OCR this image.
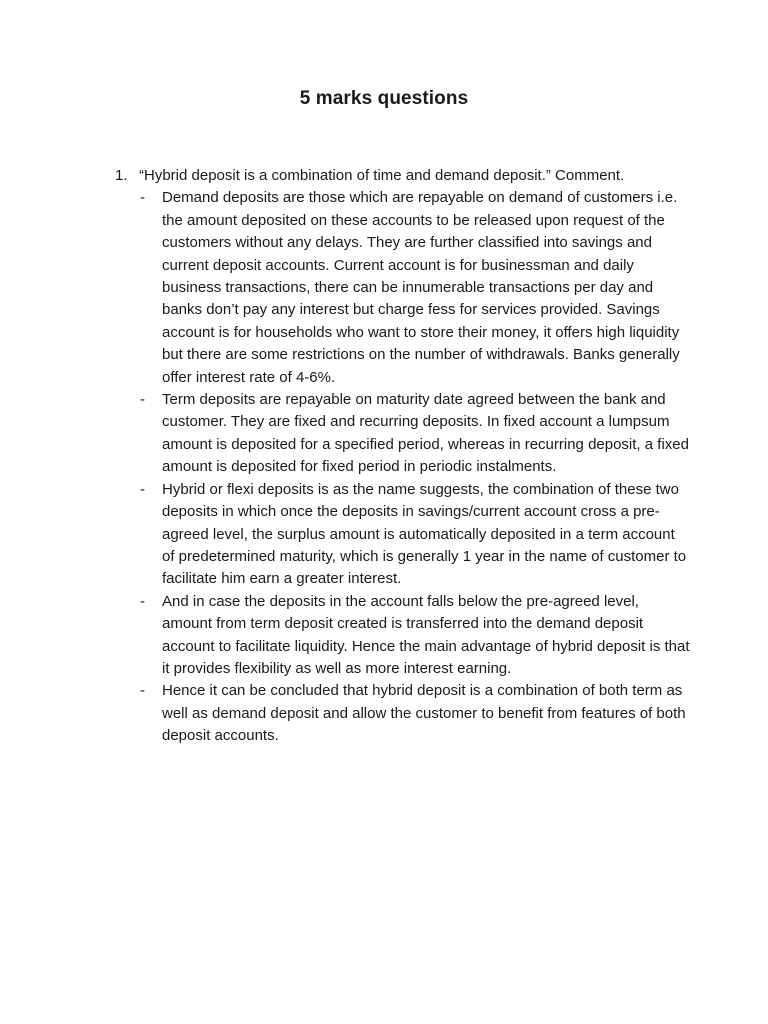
5 marks questions
1. “Hybrid deposit is a combination of time and demand deposit.” Comment.
- Demand deposits are those which are repayable on demand of customers i.e. the amount deposited on these accounts to be released upon request of the customers without any delays. They are further classified into savings and current deposit accounts. Current account is for businessman and daily business transactions, there can be innumerable transactions per day and banks don’t pay any interest but charge fess for services provided. Savings account is for households who want to store their money, it offers high liquidity but there are some restrictions on the number of withdrawals. Banks generally offer interest rate of 4-6%.
- Term deposits are repayable on maturity date agreed between the bank and customer. They are fixed and recurring deposits. In fixed account a lumpsum amount is deposited for a specified period, whereas in recurring deposit, a fixed amount is deposited for fixed period in periodic instalments.
- Hybrid or flexi deposits is as the name suggests, the combination of these two deposits in which once the deposits in savings/current account cross a pre-agreed level, the surplus amount is automatically deposited in a term account of predetermined maturity, which is generally 1 year in the name of customer to facilitate him earn a greater interest.
- And in case the deposits in the account falls below the pre-agreed level, amount from term deposit created is transferred into the demand deposit account to facilitate liquidity. Hence the main advantage of hybrid deposit is that it provides flexibility as well as more interest earning.
- Hence it can be concluded that hybrid deposit is a combination of both term as well as demand deposit and allow the customer to benefit from features of both deposit accounts.
